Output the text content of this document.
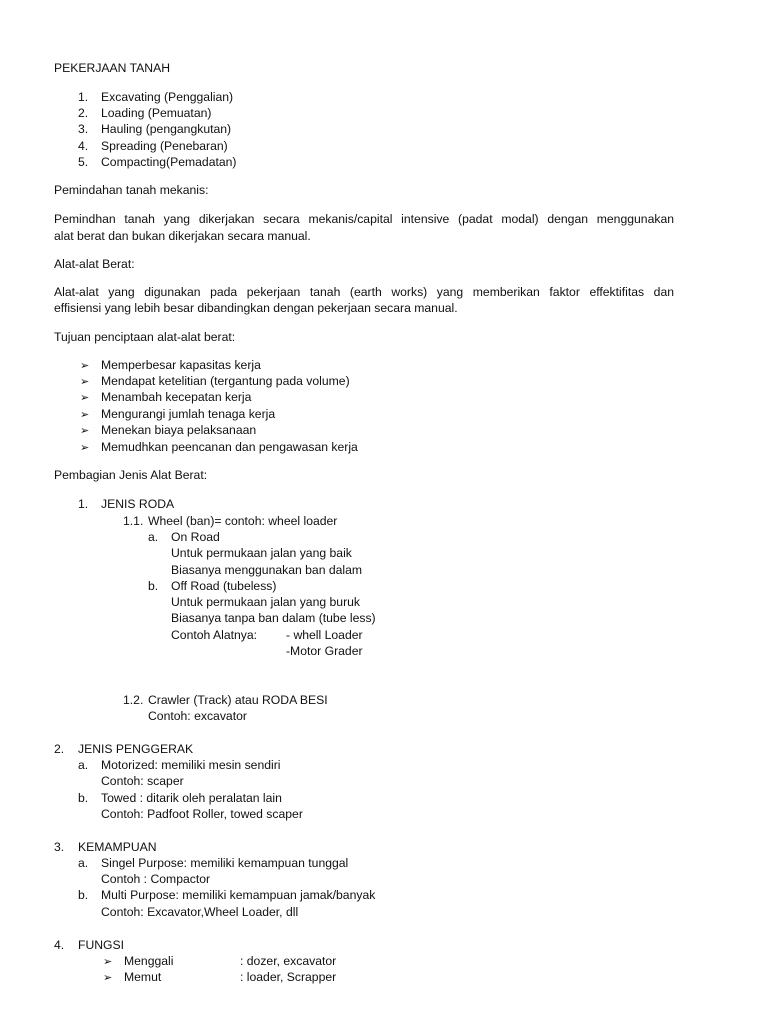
PEKERJAAN TANAH
1. Excavating (Penggalian)
2. Loading (Pemuatan)
3. Hauling (pengangkutan)
4. Spreading (Penebaran)
5. Compacting(Pemadatan)
Pemindahan tanah mekanis:
Pemindhan tanah yang dikerjakan secara mekanis/capital intensive (padat modal) dengan menggunakan
alat berat dan bukan dikerjakan secara manual.
Alat-alat Berat:
Alat-alat yang digunakan pada pekerjaan tanah (earth works) yang memberikan faktor effektifitas dan
effisiensi yang lebih besar dibandingkan dengan pekerjaan secara manual.
Tujuan penciptaan alat-alat berat:
➢ Memperbesar kapasitas kerja
➢ Mendapat ketelitian (tergantung pada volume)
➢ Menambah kecepatan kerja
➢ Mengurangi jumlah tenaga kerja
➢ Menekan biaya pelaksanaan
➢ Memudhkan peencanan dan pengawasan kerja
Pembagian Jenis Alat Berat:
1. JENIS RODA
1.1. Wheel (ban)= contoh: wheel loader
a. On Road
Untuk permukaan jalan yang baik
Biasanya menggunakan ban dalam
b. Off Road (tubeless)
Untuk permukaan jalan yang buruk
Biasanya tanpa ban dalam (tube less)
Contoh Alatnya: - whell Loader
-Motor Grader
1.2. Crawler (Track) atau RODA BESI
Contoh: excavator
2. JENIS PENGGERAK
a. Motorized: memiliki mesin sendiri
Contoh: scaper
b. Towed : ditarik oleh peralatan lain
Contoh: Padfoot Roller, towed scaper
3. KEMAMPUAN
a. Singel Purpose: memiliki kemampuan tunggal
Contoh : Compactor
b. Multi Purpose: memiliki kemampuan jamak/banyak
Contoh: Excavator,Wheel Loader, dll
4. FUNGSI
➢ Menggali	: dozer, excavator
➢ Memut	: loader, Scrapper
